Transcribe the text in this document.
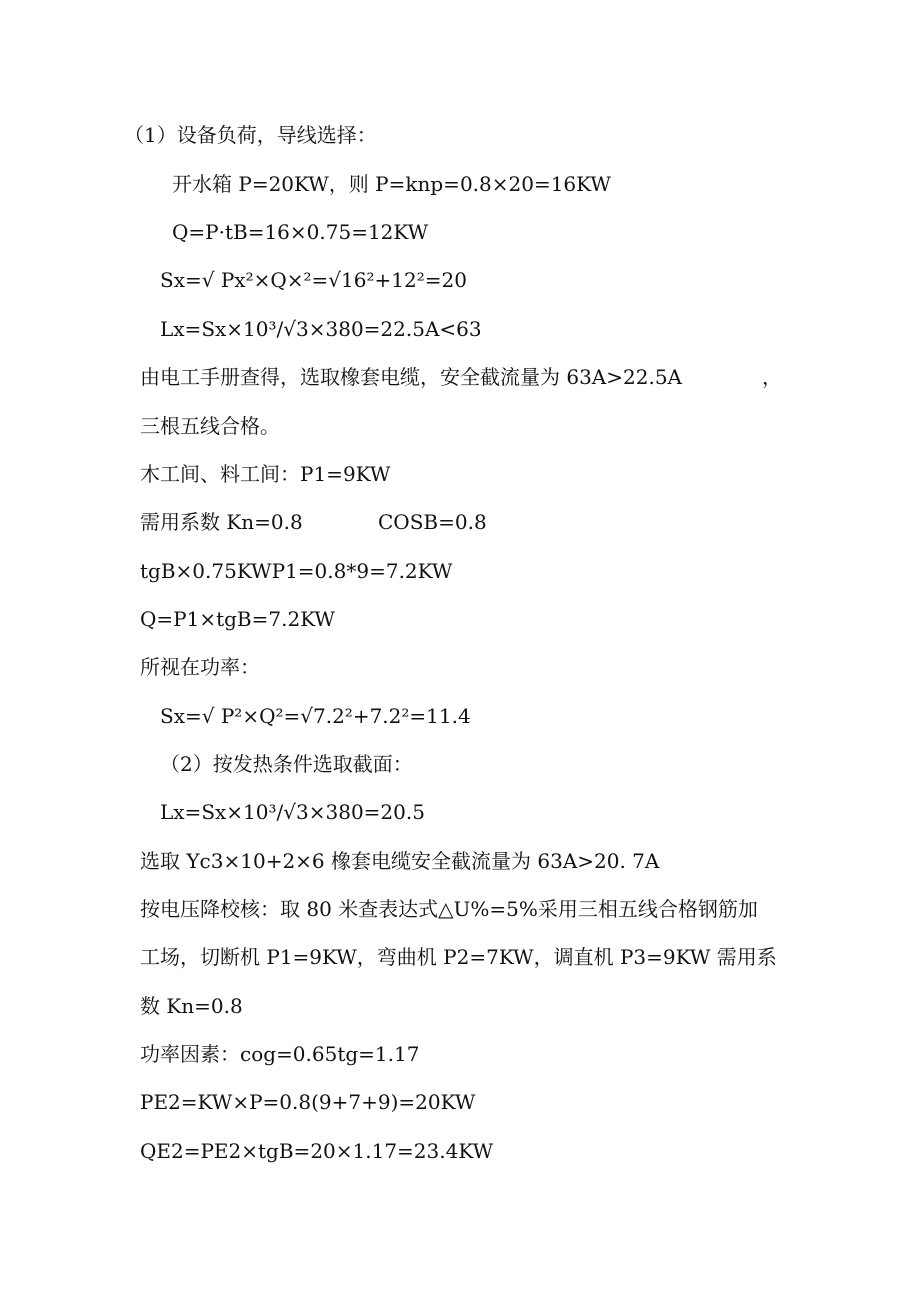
（1）设备负荷，导线选择：
开水箱 P=20KW，则 P=knp=0.8×20=16KW
Q=P·tB=16×0.75=12KW
Sx=√ Px²×Q×²=√16²+12²=20
Lx=Sx×10³/√3×380=22.5A<63
由电工手册查得，选取橡套电缆，安全截流量为 63A>22.5A	，
三根五线合格。
木工间、料工间：P1=9KW
需用系数 Kn=0.8	COSB=0.8
tgB×0.75KWP1=0.8*9=7.2KW
Q=P1×tgB=7.2KW
所视在功率：
Sx=√ P²×Q²=√7.2²+7.2²=11.4
（2）按发热条件选取截面：
Lx=Sx×10³/√3×380=20.5
选取 Yc3×10+2×6 橡套电缆安全截流量为 63A>20. 7A
按电压降校核：取 80 米查表达式△U%=5%采用三相五线合格钢筋加
工场，切断机 P1=9KW，弯曲机 P2=7KW，调直机 P3=9KW 需用系
数 Kn=0.8
功率因素：cog=0.65tg=1.17
PE2=KW×P=0.8(9+7+9)=20KW
QE2=PE2×tgB=20×1.17=23.4KW
